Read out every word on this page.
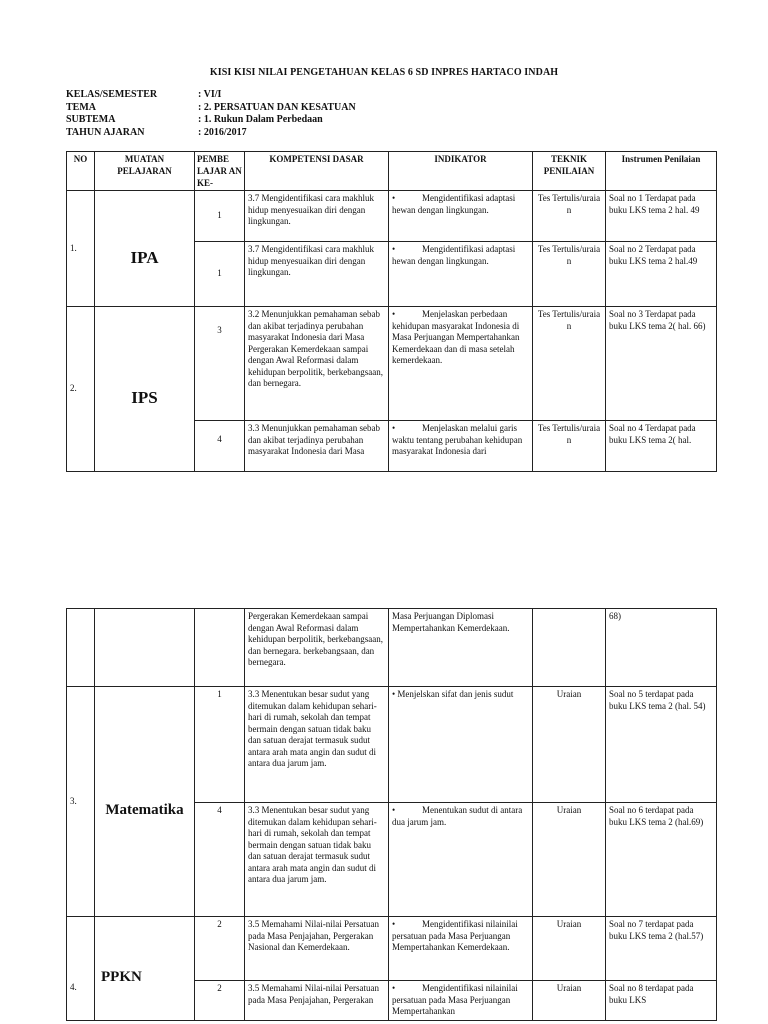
KISI KISI NILAI PENGETAHUAN KELAS 6 SD INPRES HARTACO INDAH
KELAS/SEMESTER	: VI/I
TEMA	: 2. PERSATUAN DAN KESATUAN
SUBTEMA	: 1. Rukun Dalam Perbedaan
TAHUN AJARAN	: 2016/2017
NO	MUATAN PELAJARAN	PEMBE LAJAR AN KE-	KOMPETENSI DASAR	INDIKATOR	TEKNIK PENILAIAN	Instrumen Penilaian
1.	IPA	1	3.7 Mengidentifikasi cara makhluk hidup menyesuaikan diri dengan lingkungan.	• Mengidentifikasi adaptasi hewan dengan lingkungan.	Tes Tertulis/uraia n	Soal no 1 Terdapat pada buku LKS tema 2 hal. 49
		1	3.7 Mengidentifikasi cara makhluk hidup menyesuaikan diri dengan lingkungan.	• Mengidentifikasi adaptasi hewan dengan lingkungan.	Tes Tertulis/uraia n	Soal no 2 Terdapat pada buku LKS tema 2 hal.49
2.	IPS	3	3.2 Menunjukkan pemahaman sebab dan akibat terjadinya perubahan masyarakat Indonesia dari Masa Pergerakan Kemerdekaan sampai dengan Awal Reformasi dalam kehidupan berpolitik, berkebangsaan, dan bernegara.	• Menjelaskan perbedaan kehidupan masyarakat Indonesia di Masa Perjuangan Mempertahankan Kemerdekaan dan di masa setelah kemerdekaan.	Tes Tertulis/uraia n	Soal no 3 Terdapat pada buku LKS tema 2( hal. 66)
		4	3.3 Menunjukkan pemahaman sebab dan akibat terjadinya perubahan masyarakat Indonesia dari Masa	• Menjelaskan melalui garis waktu tentang perubahan kehidupan masyarakat Indonesia dari	Tes Tertulis/uraia n	Soal no 4 Terdapat pada buku LKS tema 2( hal.
			Pergerakan Kemerdekaan sampai dengan Awal Reformasi dalam kehidupan berpolitik, berkebangsaan, dan bernegara. berkebangsaan, dan bernegara.	Masa Perjuangan Diplomasi Mempertahankan Kemerdekaan.		68)
3.	Matematika	1	3.3 Menentukan besar sudut yang ditemukan dalam kehidupan sehari-hari di rumah, sekolah dan tempat bermain dengan satuan tidak baku dan satuan derajat termasuk sudut antara arah mata angin dan sudut di antara dua jarum jam.	• Menjelskan sifat dan jenis sudut	Uraian	Soal no 5 terdapat pada buku LKS tema 2 (hal. 54)
		4	3.3 Menentukan besar sudut yang ditemukan dalam kehidupan sehari-hari di rumah, sekolah dan tempat bermain dengan satuan tidak baku dan satuan derajat termasuk sudut antara arah mata angin dan sudut di antara dua jarum jam.	• Menentukan sudut di antara dua jarum jam.	Uraian	Soal no 6 terdapat pada buku LKS tema 2 (hal.69)
4.	PPKN	2	3.5 Memahami Nilai-nilai Persatuan pada Masa Penjajahan, Pergerakan Nasional dan Kemerdekaan.	• Mengidentifikasi nilainilai persatuan pada Masa Perjuangan Mempertahankan Kemerdekaan.	Uraian	Soal no 7 terdapat pada buku LKS tema 2 (hal.57)
		2	3.5 Memahami Nilai-nilai Persatuan pada Masa Penjajahan, Pergerakan	• Mengidentifikasi nilainilai persatuan pada Masa Perjuangan Mempertahankan	Uraian	Soal no 8 terdapat pada buku LKS
